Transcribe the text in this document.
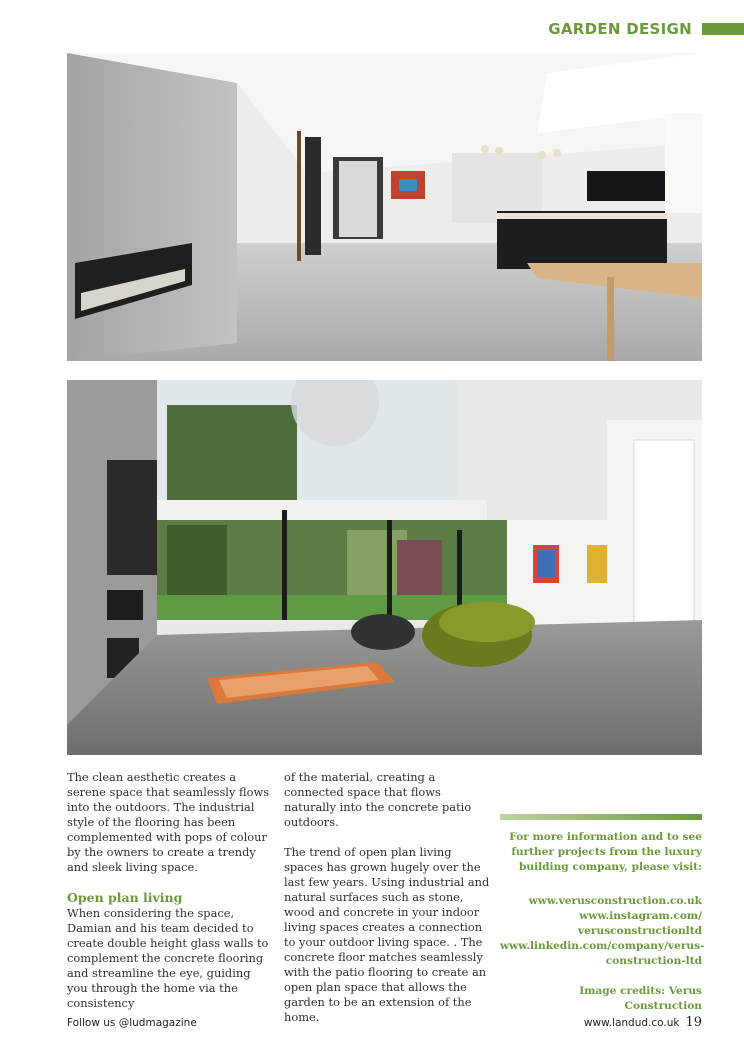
GARDEN DESIGN

The clean aesthetic creates a serene space that seamlessly flows into the outdoors. The industrial style of the flooring has been complemented with pops of colour by the owners to create a trendy and sleek living space.

Open plan living

When considering the space, Damian and his team decided to create double height glass walls to complement the concrete flooring and streamline the eye, guiding you through the home via the consistency

of the material, creating a connected space that flows naturally into the concrete patio outdoors.

The trend of open plan living spaces has grown hugely over the last few years. Using industrial and natural surfaces such as stone, wood and concrete in your indoor living spaces creates a connection to your outdoor living space. . The concrete floor matches seamlessly with the patio flooring to create an open plan space that allows the garden to be an extension of the home.

For more information and to see
further projects from the luxury
building company, please visit:
www.verusconstruction.co.uk
www.instagram.com/
verusconstructionltd
www.linkedin.com/company/verus-
construction-ltd
Image credits: Verus Construction
Follow us @ludmagazine	www.landud.co.uk 19
